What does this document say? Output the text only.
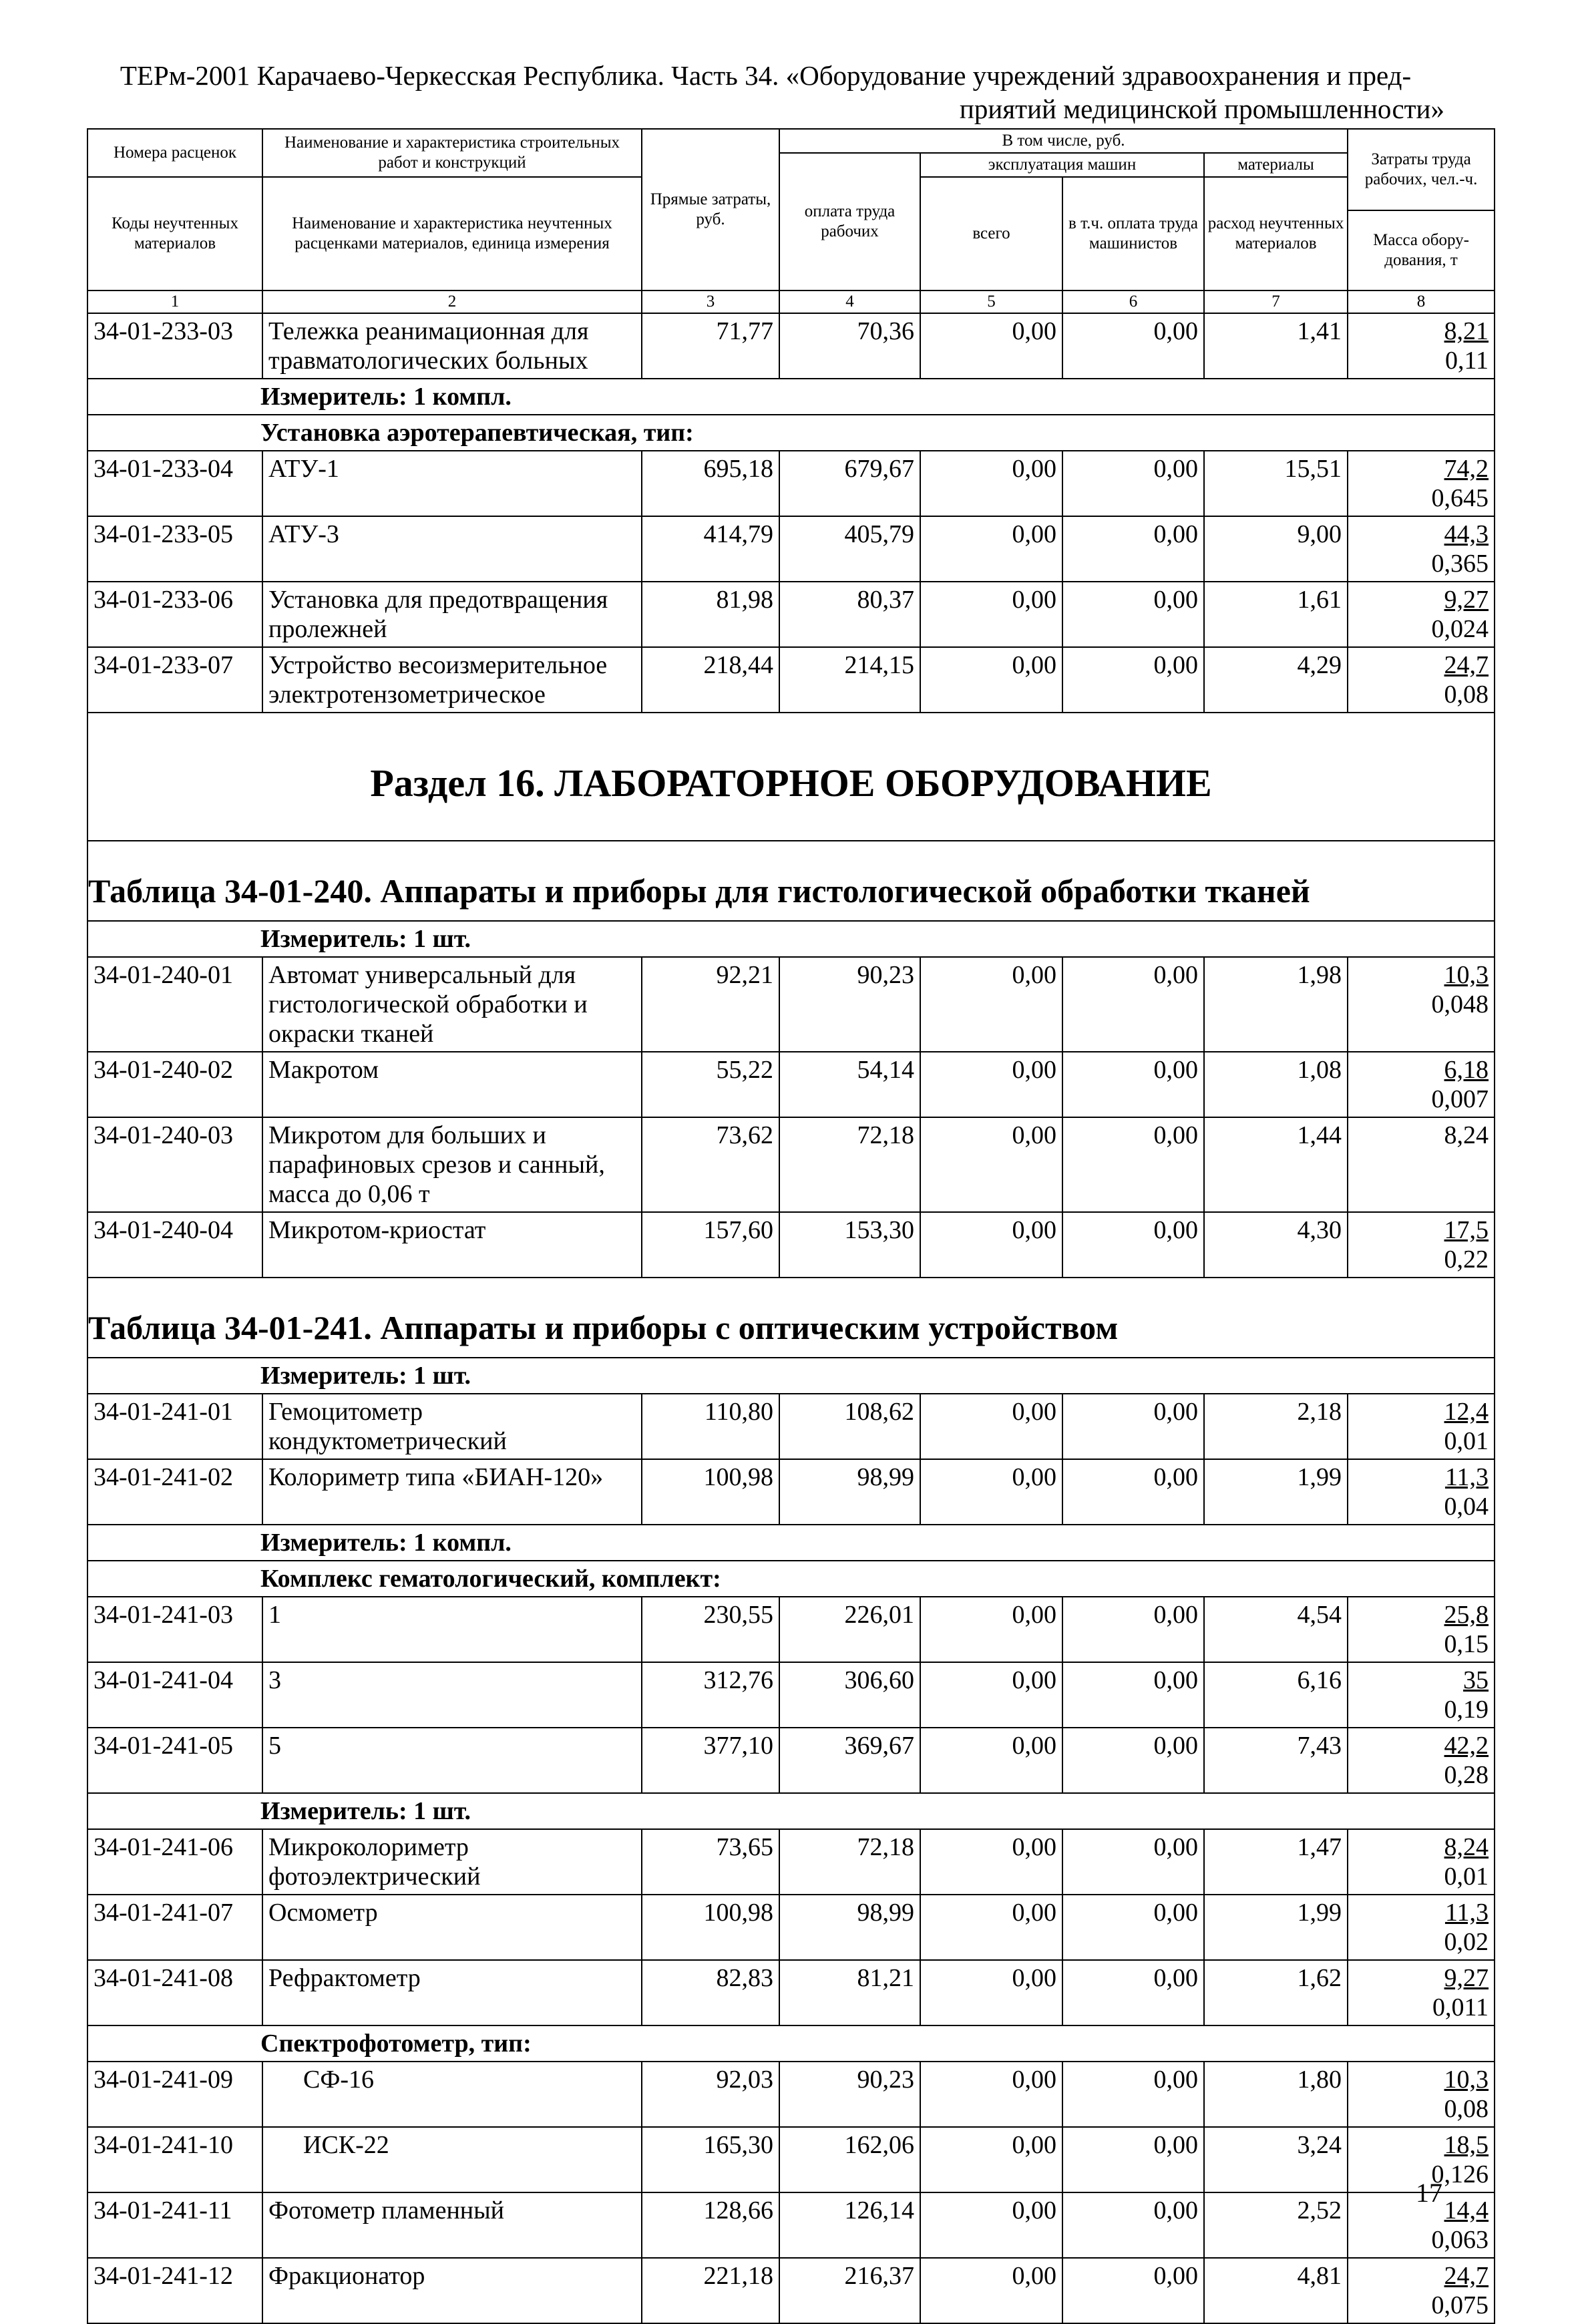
ТЕРм-2001 Карачаево-Черкесская Республика. Часть 34. «Оборудование учреждений здравоохранения и пред-
приятий медицинской промышленности»
Номера расценок	Наименование и характеристика строительных работ и конструкций	Прямые затраты, руб.	В том числе, руб.				Затраты труда рабочих, чел.-ч.
			оплата труда рабочих	эксплуатация машин		материалы	
Коды неучтенных материалов	Наименование и характеристика неучтенных расценками материалов, единица измерения			всего	в т.ч. оплата труда машинистов	расход неучтенных материалов	
							Масса обору-дования, т
1	2	3	4	5	6	7	8
34-01-233-03	Тележка реанимационная для травматологических больных	71,77	70,36	0,00	0,00	1,41	8,21
0,11

Измеритель: 1 компл.							
Установка аэротерапевтическая, тип:							
34-01-233-04	АТУ-1	695,18	679,67	0,00	0,00	15,51	74,2
0,645

34-01-233-05	АТУ-3	414,79	405,79	0,00	0,00	9,00	44,3
0,365

34-01-233-06	Установка для предотвращения пролежней	81,98	80,37	0,00	0,00	1,61	9,27
0,024

34-01-233-07	Устройство весоизмерительное электротензометрическое	218,44	214,15	0,00	0,00	4,29	24,7
0,08

Раздел 16. ЛАБОРАТОРНОЕ ОБОРУДОВАНИЕ							
Таблица 34-01-240. Аппараты и приборы для гистологической обработки тканей							
Измеритель: 1 шт.							
34-01-240-01	Автомат универсальный для гистологической обработки и окраски тканей	92,21	90,23	0,00	0,00	1,98	10,3
0,048

34-01-240-02	Макротом	55,22	54,14	0,00	0,00	1,08	6,18
0,007

34-01-240-03	Микротом для больших и парафиновых срезов и санный, масса до 0,06 т	73,62	72,18	0,00	0,00	1,44	8,24

34-01-240-04	Микротом-криостат	157,60	153,30	0,00	0,00	4,30	17,5
0,22

Таблица 34-01-241. Аппараты и приборы с оптическим устройством							
Измеритель: 1 шт.							
34-01-241-01	Гемоцитометр кондуктометрический	110,80	108,62	0,00	0,00	2,18	12,4
0,01

34-01-241-02	Колориметр типа «БИАН-120»	100,98	98,99	0,00	0,00	1,99	11,3
0,04

Измеритель: 1 компл.							
Комплекс гематологический, комплект:							
34-01-241-03	1	230,55	226,01	0,00	0,00	4,54	25,8
0,15

34-01-241-04	3	312,76	306,60	0,00	0,00	6,16	35
0,19

34-01-241-05	5	377,10	369,67	0,00	0,00	7,43	42,2
0,28

Измеритель: 1 шт.							
34-01-241-06	Микроколориметр фотоэлектрический	73,65	72,18	0,00	0,00	1,47	8,24
0,01

34-01-241-07	Осмометр	100,98	98,99	0,00	0,00	1,99	11,3
0,02

34-01-241-08	Рефрактометр	82,83	81,21	0,00	0,00	1,62	9,27
0,011

Спектрофотометр, тип:							
34-01-241-09	СФ-16	92,03	90,23	0,00	0,00	1,80	10,3
0,08

34-01-241-10	ИСК-22	165,30	162,06	0,00	0,00	3,24	18,5
0,126

34-01-241-11	Фотометр пламенный	128,66	126,14	0,00	0,00	2,52	14,4
0,063

34-01-241-12	Фракционатор	221,18	216,37	0,00	0,00	4,81	24,7
0,075
17
